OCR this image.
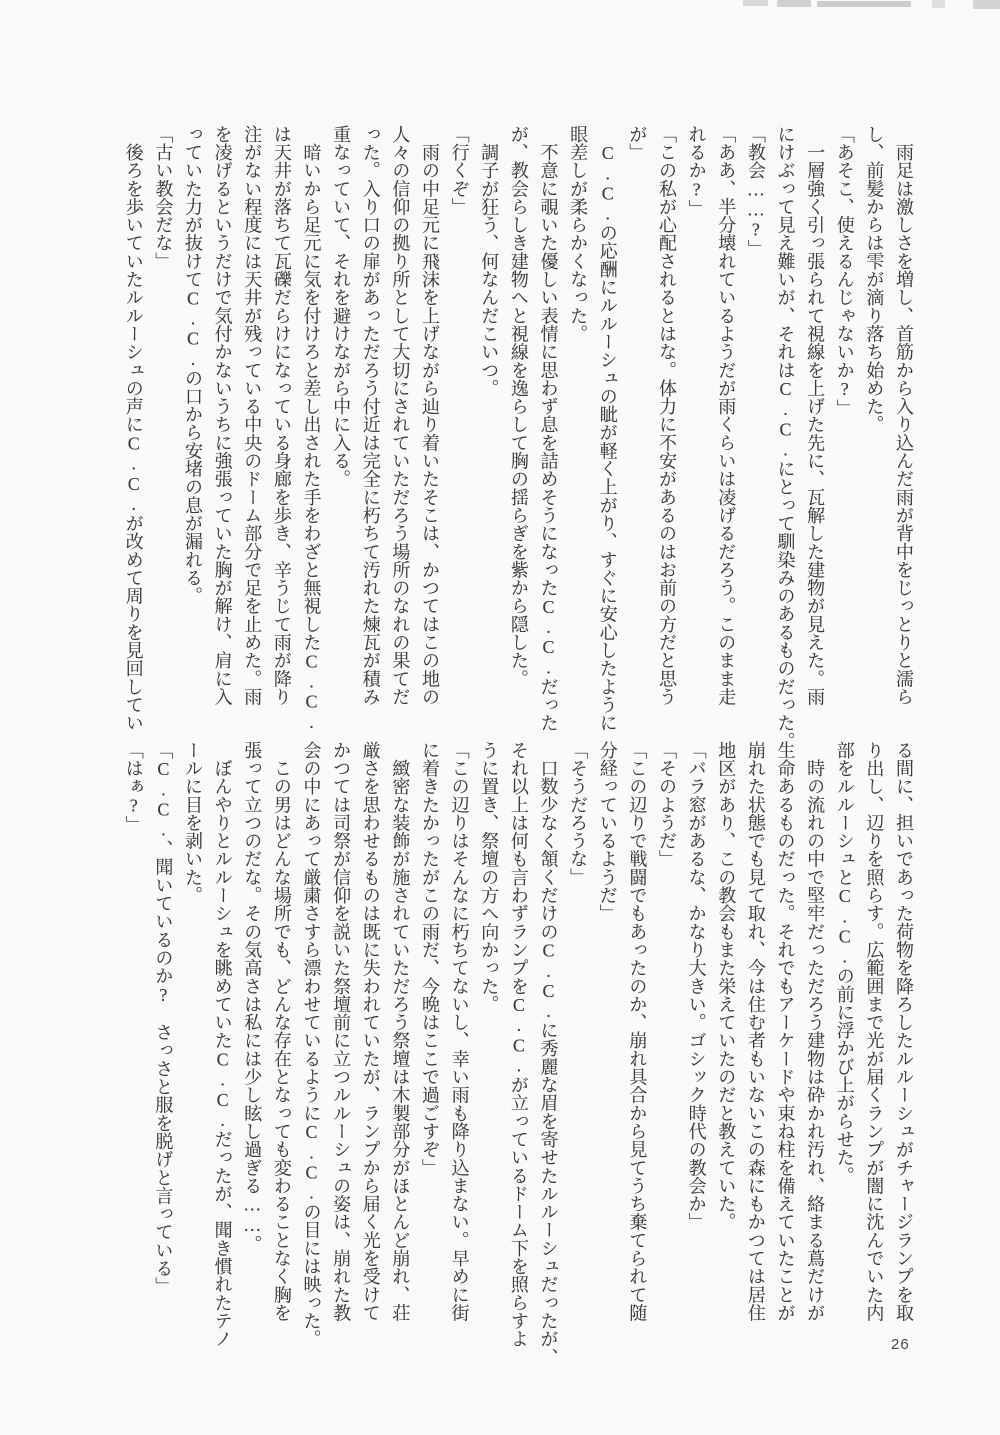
　雨足は激しさを増し、首筋から入り込んだ雨が背中をじっとりと濡ら

し、前髪からは雫が滴り落ち始めた。

「あそこ、使えるんじゃないか?」

　一層強く引っ張られて視線を上げた先に、瓦解した建物が見えた。雨

にけぶって見え難いが、それはC.C.にとって馴染みのあるものだった。

「教会……?」

「ああ、半分壊れているようだが雨くらいは凌げるだろう。このまま走

れるか?」

「この私が心配されるとはな。体力に不安があるのはお前の方だと思う

が」

　C.C.の応酬にルルーシュの眦が軽く上がり、すぐに安心したように

眼差しが柔らかくなった。

　不意に覗いた優しい表情に思わず息を詰めそうになったC.C.だった

が、教会らしき建物へと視線を逸らして胸の揺らぎを紫から隠した。

　調子が狂う、何なんだこいつ。

「行くぞ」

　雨の中足元に飛沫を上げながら辿り着いたそこは、かつてはこの地の

人々の信仰の拠り所として大切にされていただろう場所のなれの果てだ

った。入り口の扉があっただろう付近は完全に朽ちて汚れた煉瓦が積み

重なっていて、それを避けながら中に入る。

　暗いから足元に気を付けろと差し出された手をわざと無視したC.C.

は天井が落ちて瓦礫だらけになっている身廊を歩き、辛うじて雨が降り

注がない程度には天井が残っている中央のドーム部分で足を止めた。雨

を凌げるというだけで気付かないうちに強張っていた胸が解け、肩に入

っていた力が抜けてC.C.の口から安堵の息が漏れる。

「古い教会だな」

　後ろを歩いていたルルーシュの声にC.C.が改めて周りを見回してい

る間に、担いであった荷物を降ろしたルルーシュがチャージランプを取

り出し、辺りを照らす。広範囲まで光が届くランプが闇に沈んでいた内

部をルルーシュとC.C.の前に浮かび上がらせた。

　時の流れの中で堅牢だっただろう建物は砕かれ汚れ、絡まる蔦だけが

生命あるものだった。それでもアーケードや束ね柱を備えていたことが

崩れた状態でも見て取れ、今は住む者もいないこの森にもかつては居住

地区があり、この教会もまた栄えていたのだと教えていた。

「バラ窓があるな、かなり大きい。ゴシック時代の教会か」

「そのようだ」

「この辺りで戦闘でもあったのか、崩れ具合から見てうち棄てられて随

分経っているようだ」

「そうだろうな」

　口数少なく頷くだけのC.C.に秀麗な眉を寄せたルルーシュだったが、

それ以上は何も言わずランプをC.C.が立っているドーム下を照らすよ

うに置き、祭壇の方へ向かった。

「この辺りはそんなに朽ちてないし、幸い雨も降り込まない。早めに街

に着きたかったがこの雨だ、今晩はここで過ごすぞ」

　緻密な装飾が施されていただろう祭壇は木製部分がほとんど崩れ、荘

厳さを思わせるものは既に失われていたが、ランプから届く光を受けて

かつては司祭が信仰を説いた祭壇前に立つルルーシュの姿は、崩れた教

会の中にあって厳粛さすら漂わせているようにC.C.の目には映った。

　この男はどんな場所でも、どんな存在となっても変わることなく胸を

張って立つのだな。その気高さは私には少し眩し過ぎる……。

　ぼんやりとルルーシュを眺めていたC.C.だったが、聞き慣れたテノ

ールに目を剥いた。

「C.C.、聞いているのか?　さっさと服を脱げと言っている」

「はぁ?」

26
